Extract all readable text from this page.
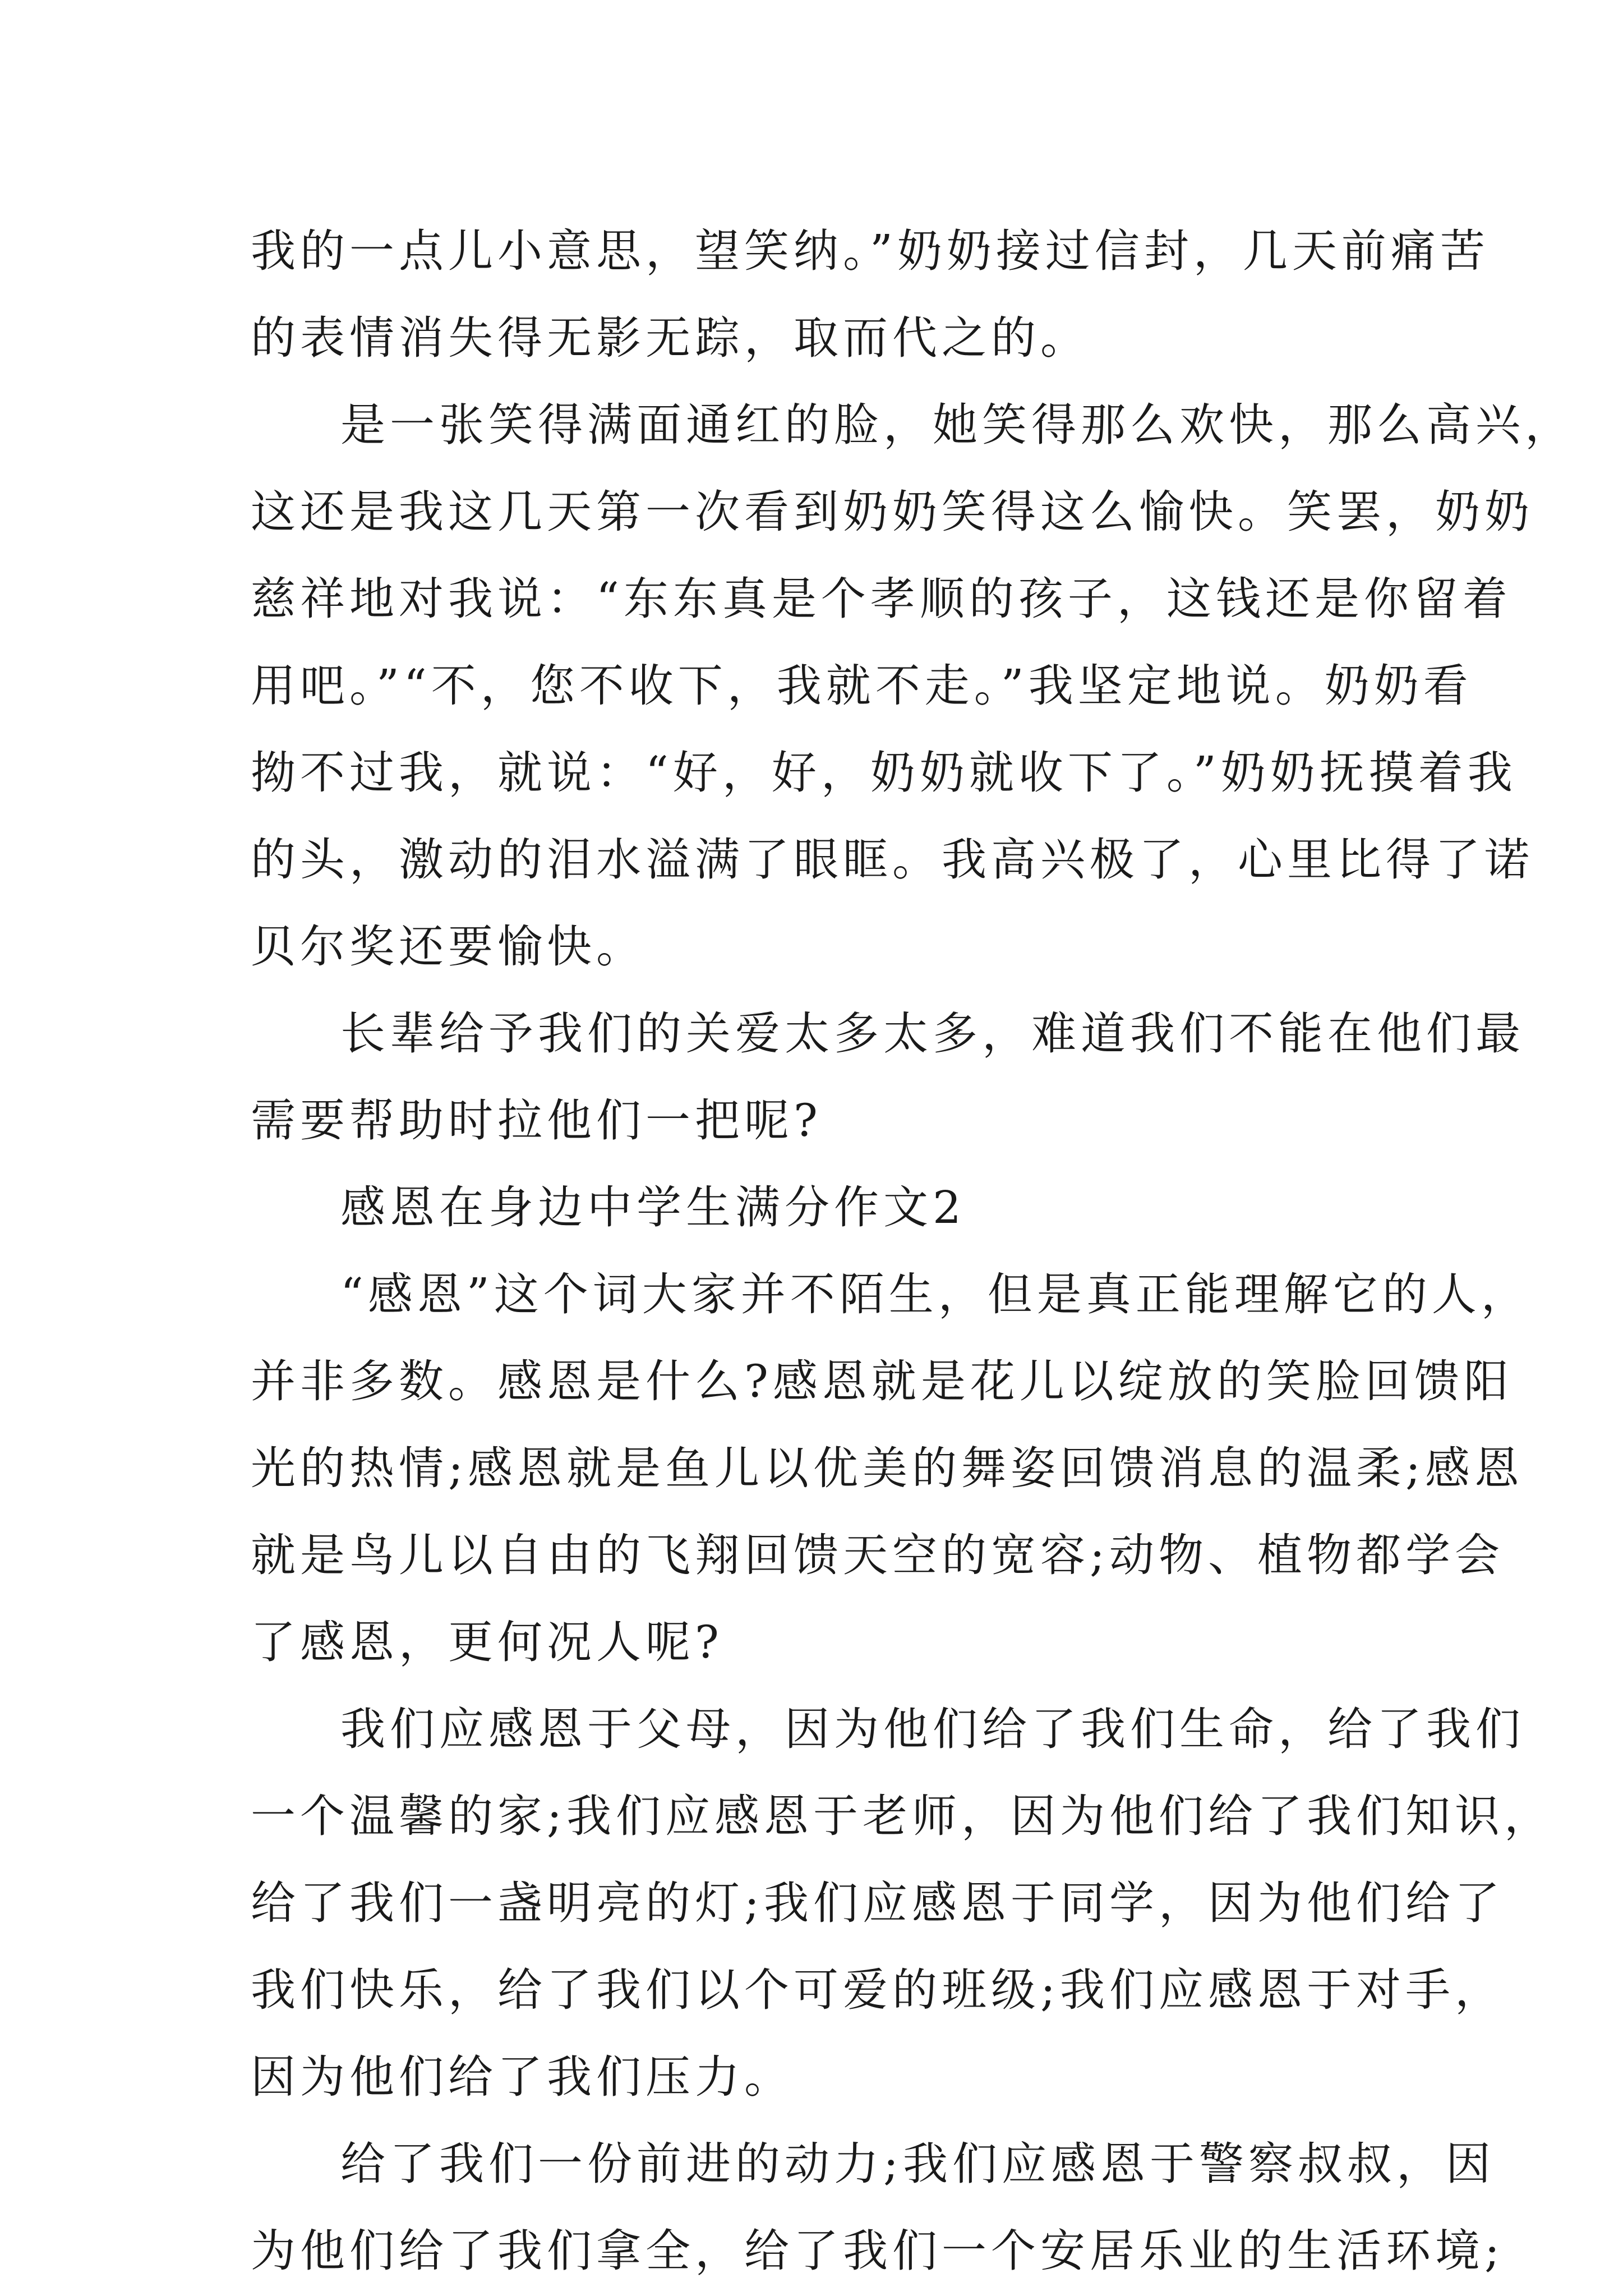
我的一点儿小意思，望笑纳。”奶奶接过信封，几天前痛苦
的表情消失得无影无踪，取而代之的。
是一张笑得满面通红的脸，她笑得那么欢快，那么高兴，
这还是我这几天第一次看到奶奶笑得这么愉快。笑罢，奶奶
慈祥地对我说：“东东真是个孝顺的孩子，这钱还是你留着
用吧。”“不，您不收下，我就不走。”我坚定地说。奶奶看
拗不过我，就说：“好，好，奶奶就收下了。”奶奶抚摸着我
的头，激动的泪水溢满了眼眶。我高兴极了，心里比得了诺
贝尔奖还要愉快。
长辈给予我们的关爱太多太多，难道我们不能在他们最
需要帮助时拉他们一把呢?
感恩在身边中学生满分作文2
“感恩”这个词大家并不陌生，但是真正能理解它的人，
并非多数。感恩是什么?感恩就是花儿以绽放的笑脸回馈阳
光的热情;感恩就是鱼儿以优美的舞姿回馈消息的温柔;感恩
就是鸟儿以自由的飞翔回馈天空的宽容;动物、植物都学会
了感恩，更何况人呢?
我们应感恩于父母，因为他们给了我们生命，给了我们
一个温馨的家;我们应感恩于老师，因为他们给了我们知识，
给了我们一盏明亮的灯;我们应感恩于同学，因为他们给了
我们快乐，给了我们以个可爱的班级;我们应感恩于对手，
因为他们给了我们压力。
给了我们一份前进的动力;我们应感恩于警察叔叔，因
为他们给了我们拿全，给了我们一个安居乐业的生活环境;
